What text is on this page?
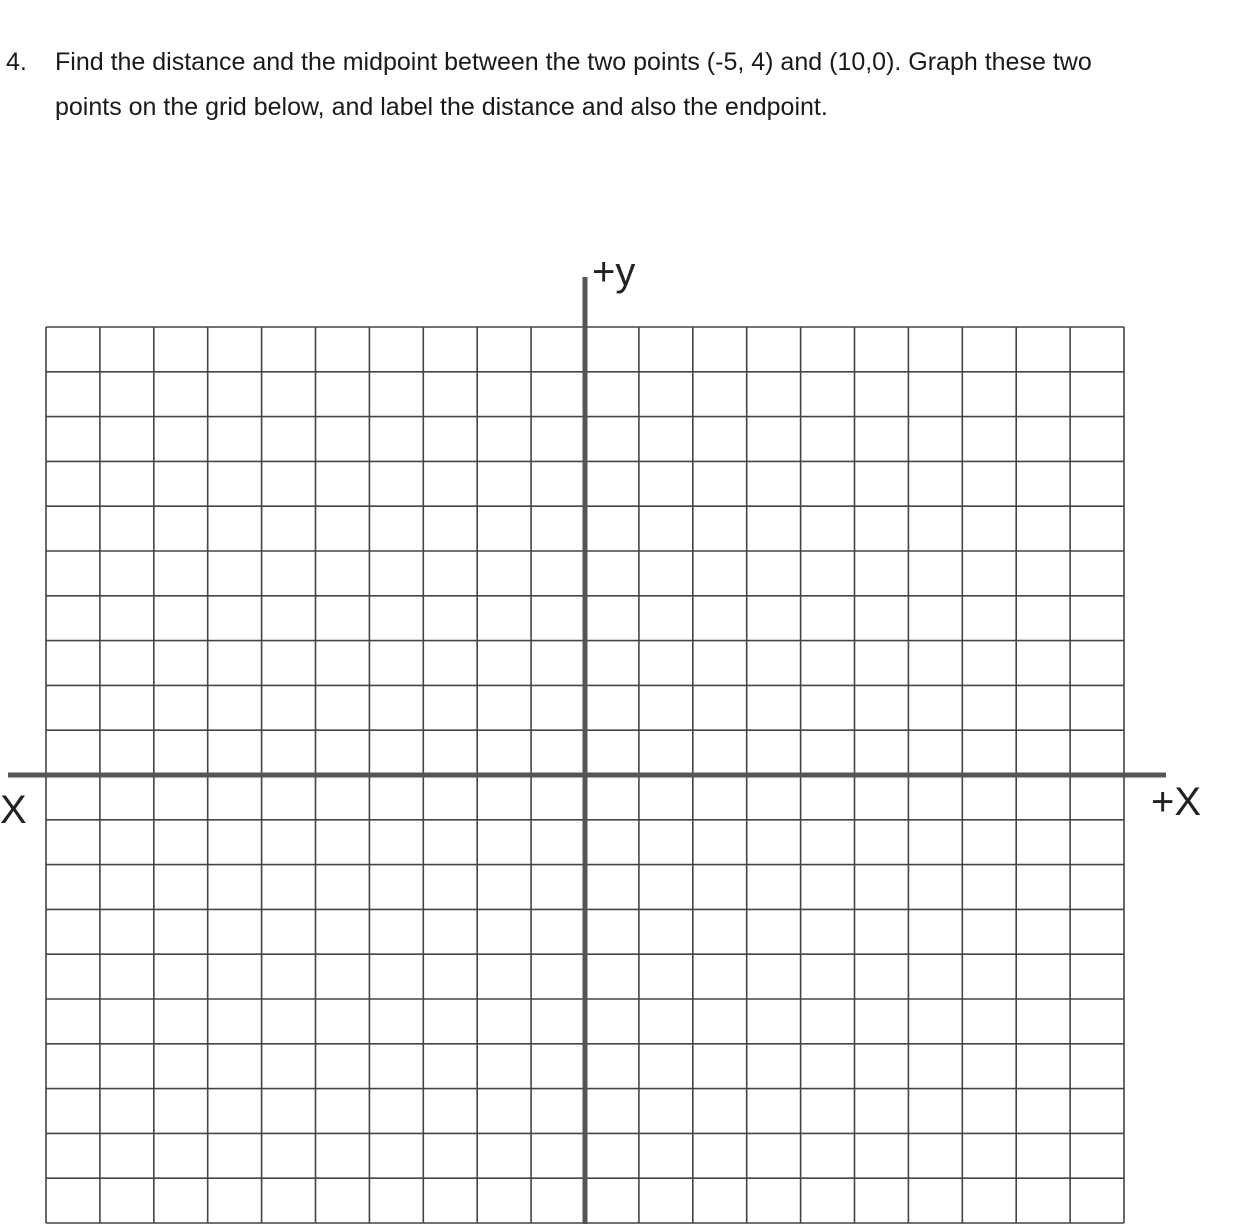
4. Find the distance and the midpoint between the two points (-5, 4) and (10,0). Graph these two
points on the grid below, and label the distance and also the endpoint.
+y
X	+X
